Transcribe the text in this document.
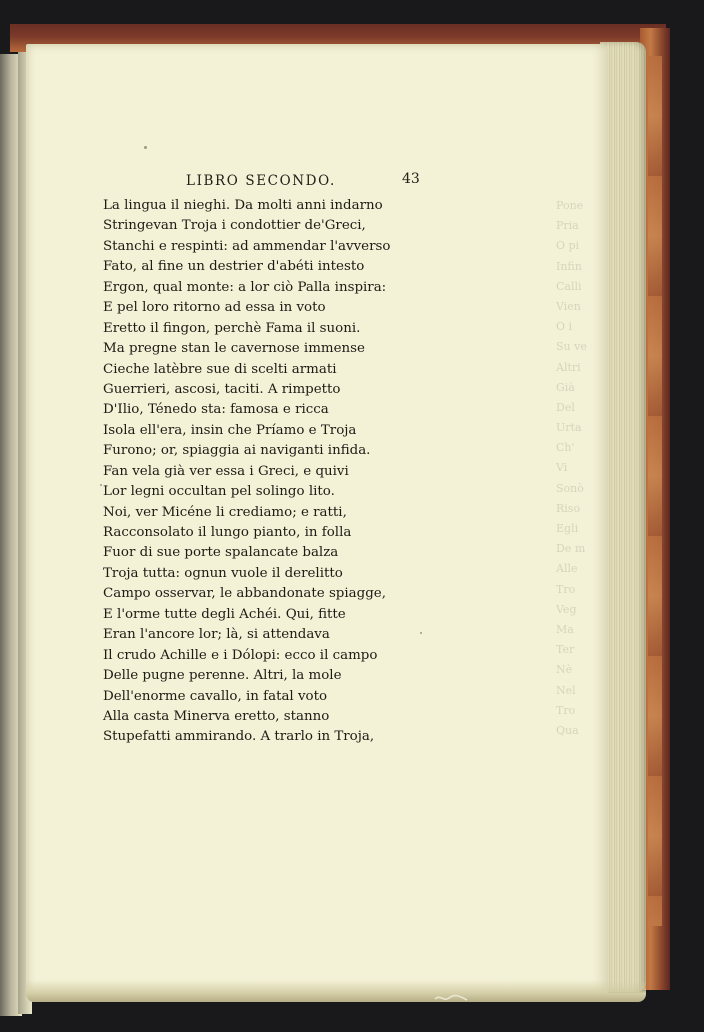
Pone
Pria
O pi
Infin
Calli
Vien
O i
Su ve
Altri
Già
Del
Urta
Ch'
Vi
Sonò
Riso
Egli
De m
Alle
Tro
Veg
Ma
Ter
Nè
Nel
Tro
Qua
LIBRO SECONDO.	43
La lingua il nieghi. Da molti anni indarno
Stringevan Troja i condottier de'Greci,
Stanchi e respinti: ad ammendar l'avverso
Fato, al fine un destrier d'abéti intesto
Ergon, qual monte: a lor ciò Palla inspira:
E pel loro ritorno ad essa in voto
Eretto il fingon, perchè Fama il suoni.
Ma pregne stan le cavernose immense
Cieche latèbre sue di scelti armati
Guerrieri, ascosi, taciti. A rimpetto
D'Ilio, Ténedo sta: famosa e ricca
Isola ell'era, insin che Príamo e Troja
Furono; or, spiaggia ai naviganti infida.
Fan vela già ver essa i Greci, e quivi
Lor legni occultan pel solingo lito.
Noi, ver Micéne li crediamo; e ratti,
Racconsolato il lungo pianto, in folla
Fuor di sue porte spalancate balza
Troja tutta: ognun vuole il derelitto
Campo osservar, le abbandonate spiagge,
E l'orme tutte degli Achéi. Qui, fitte
Eran l'ancore lor; là, si attendava
Il crudo Achille e i Dólopi: ecco il campo
Delle pugne perenne. Altri, la mole
Dell'enorme cavallo, in fatal voto
Alla casta Minerva eretto, stanno
Stupefatti ammirando. A trarlo in Troja,
